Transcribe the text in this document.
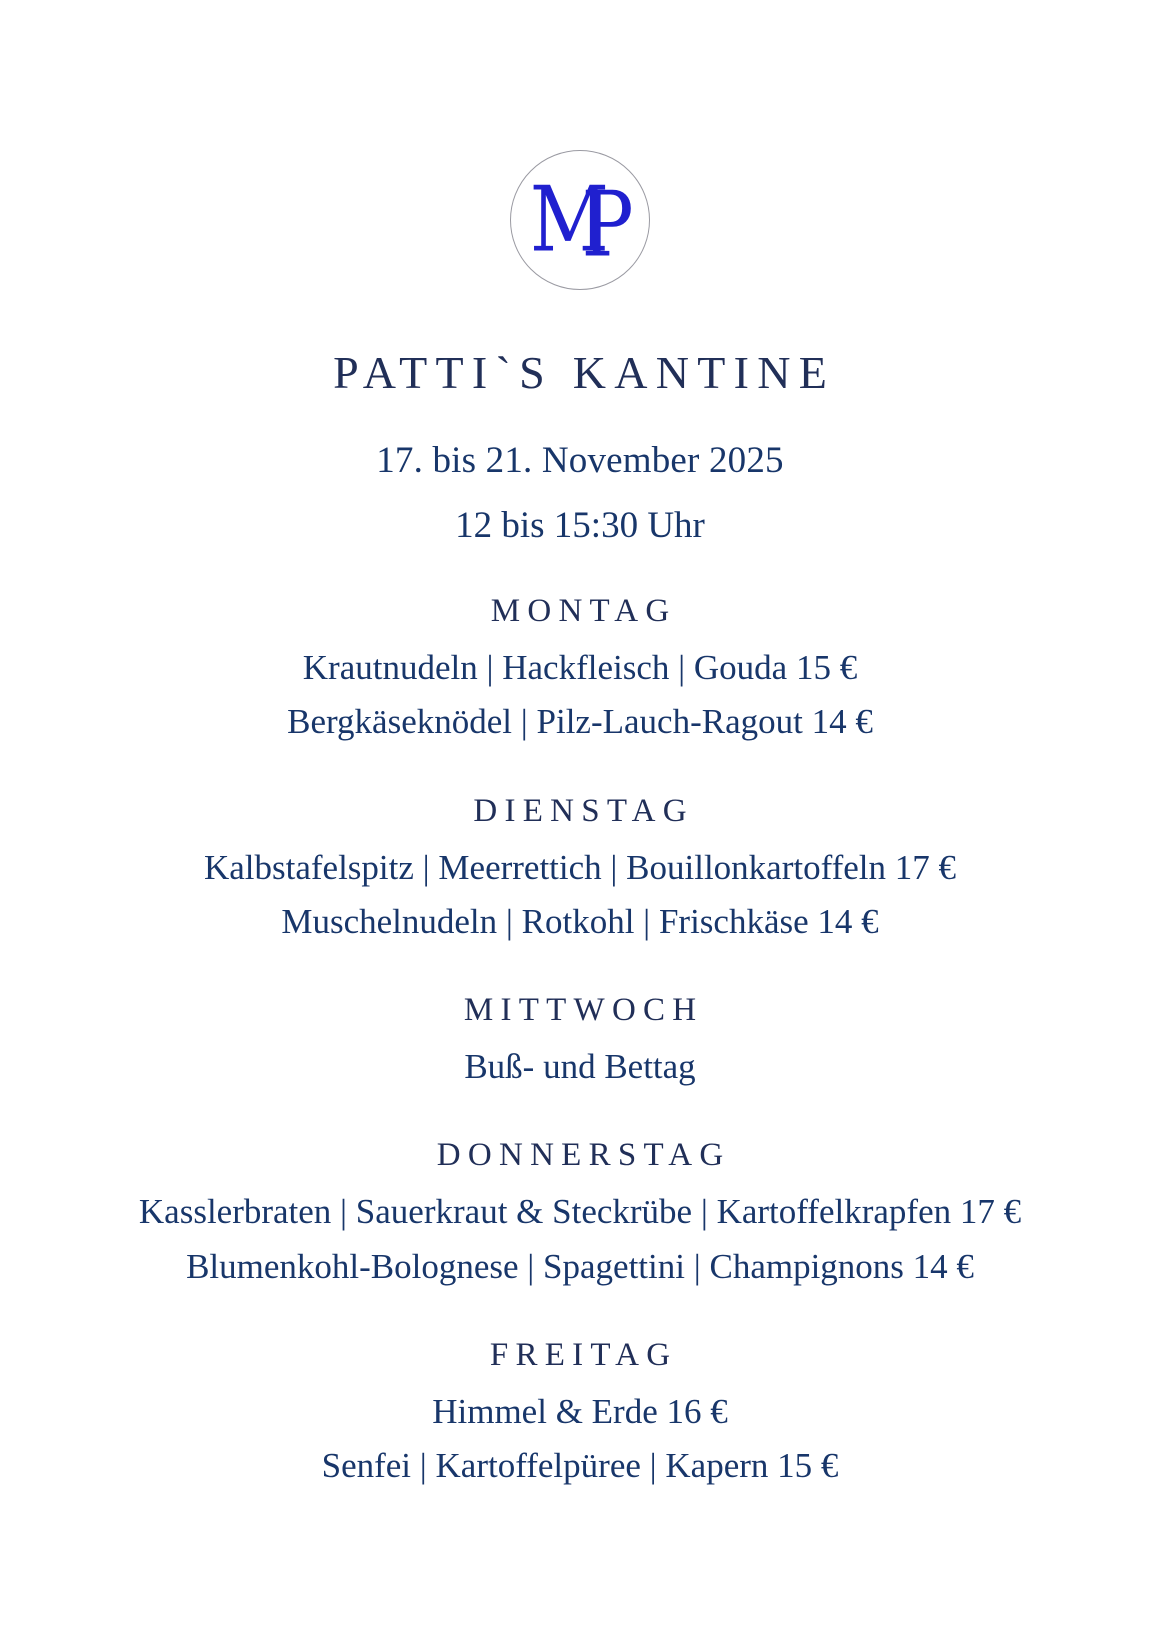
MP
PATTI`S KANTINE

17. bis 21. November 2025

12 bis 15:30 Uhr

MONTAG

Krautnudeln | Hackfleisch | Gouda 15 €

Bergkäseknödel | Pilz-Lauch-Ragout 14 €

DIENSTAG

Kalbstafelspitz | Meerrettich | Bouillonkartoffeln 17 €

Muschelnudeln | Rotkohl | Frischkäse 14 €

MITTWOCH

Buß- und Bettag

DONNERSTAG

Kasslerbraten | Sauerkraut & Steckrübe | Kartoffelkrapfen 17 €

Blumenkohl-Bolognese | Spagettini | Champignons 14 €

FREITAG

Himmel & Erde 16 €

Senfei | Kartoffelpüree | Kapern 15 €
